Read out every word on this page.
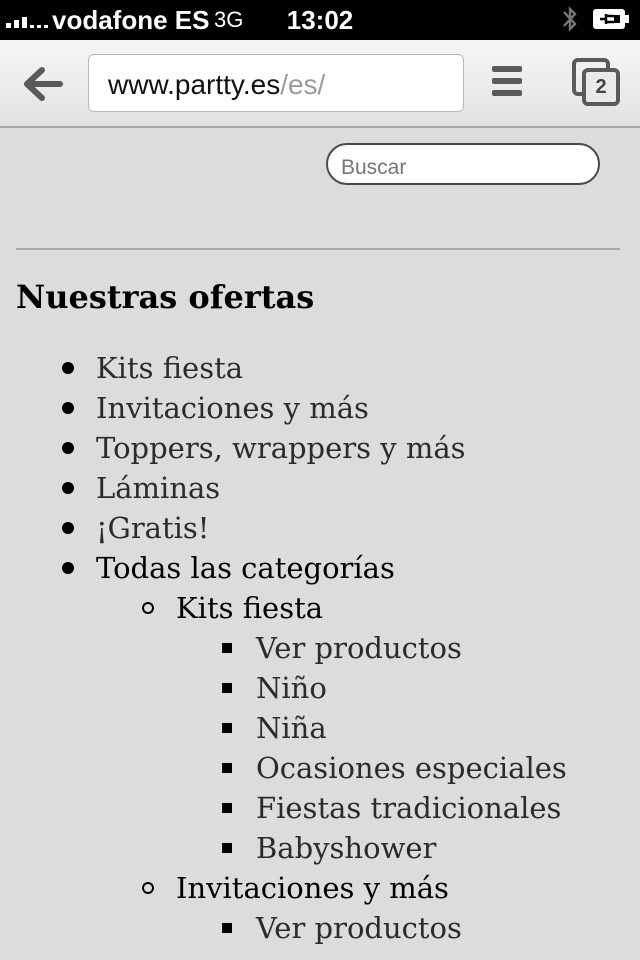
vodafone ES 3G	13:02
www.partty.es/es/	2
Buscar
Nuestras ofertas
Kits fiesta
Invitaciones y más
Toppers, wrappers y más
Láminas
¡Gratis!
Todas las categorías
Kits fiesta
Ver productos
Niño
Niña
Ocasiones especiales
Fiestas tradicionales
Babyshower
Invitaciones y más
Ver productos
